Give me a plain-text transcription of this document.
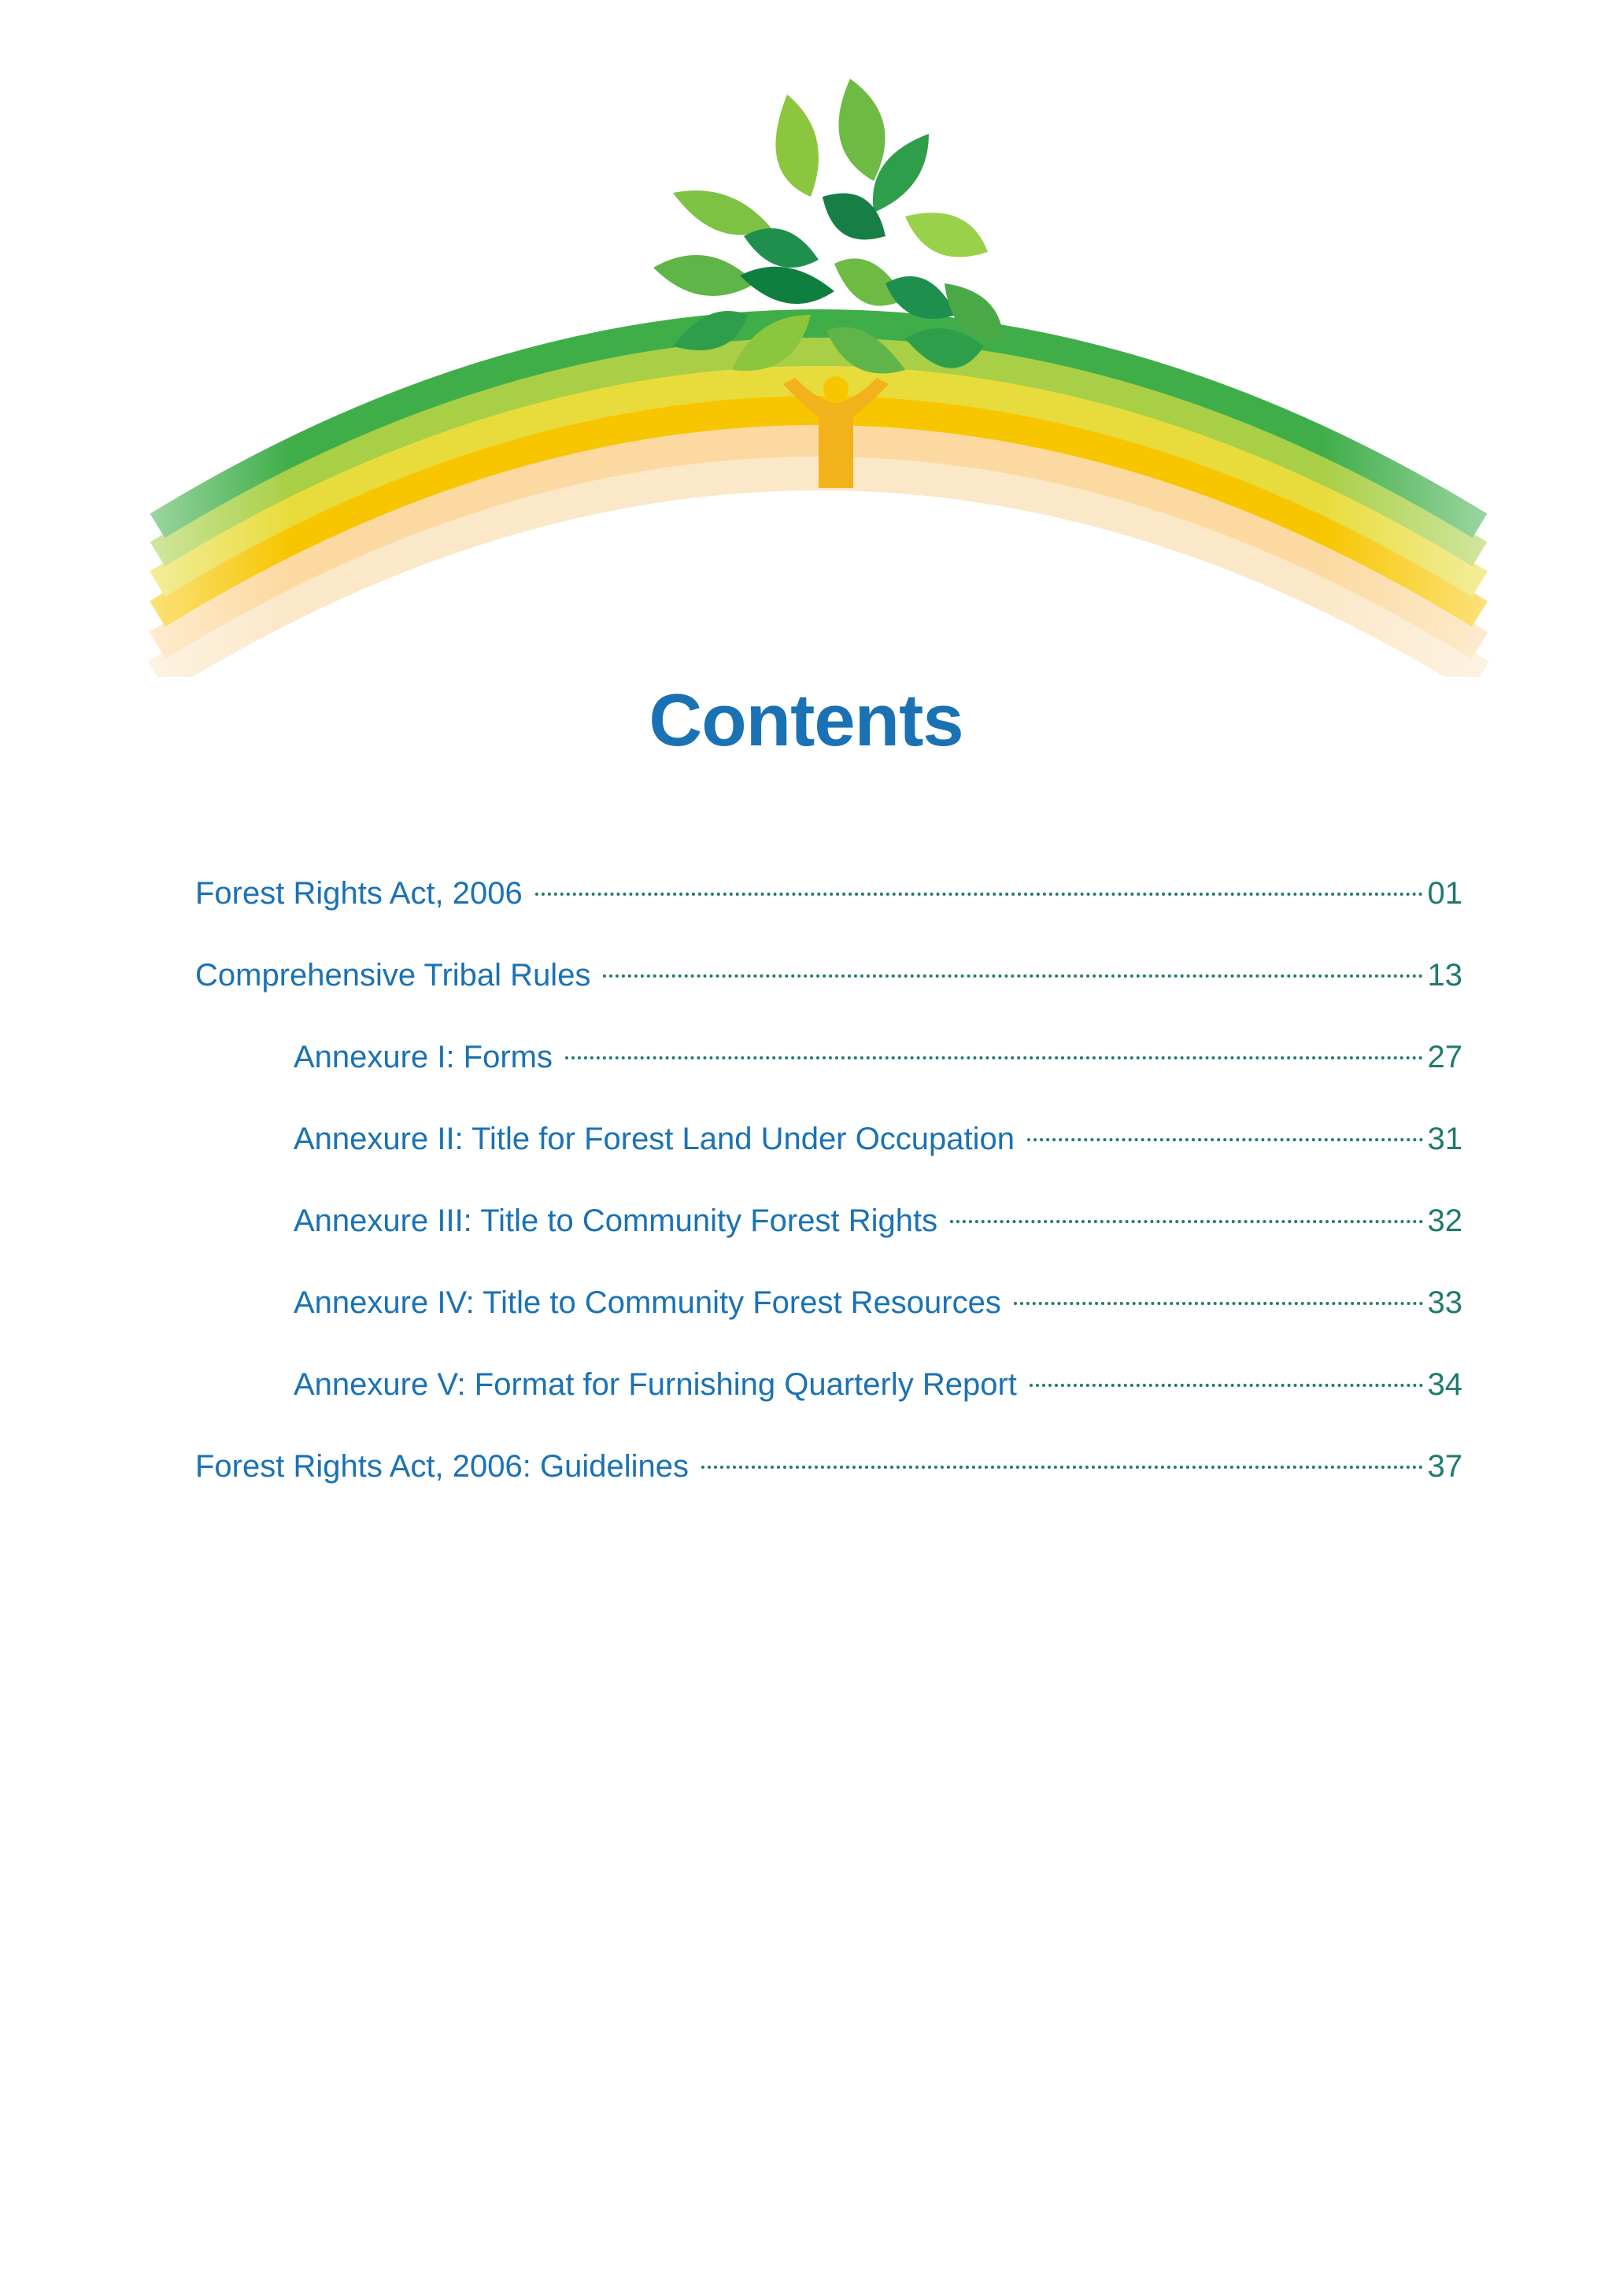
Contents
Forest Rights Act, 2006	01
Comprehensive Tribal Rules	13
Annexure I: Forms	27
Annexure II: Title for Forest Land Under Occupation	31
Annexure III: Title to Community Forest Rights	32
Annexure IV: Title to Community Forest Resources	33
Annexure V: Format for Furnishing Quarterly Report	34
Forest Rights Act, 2006: Guidelines	37
